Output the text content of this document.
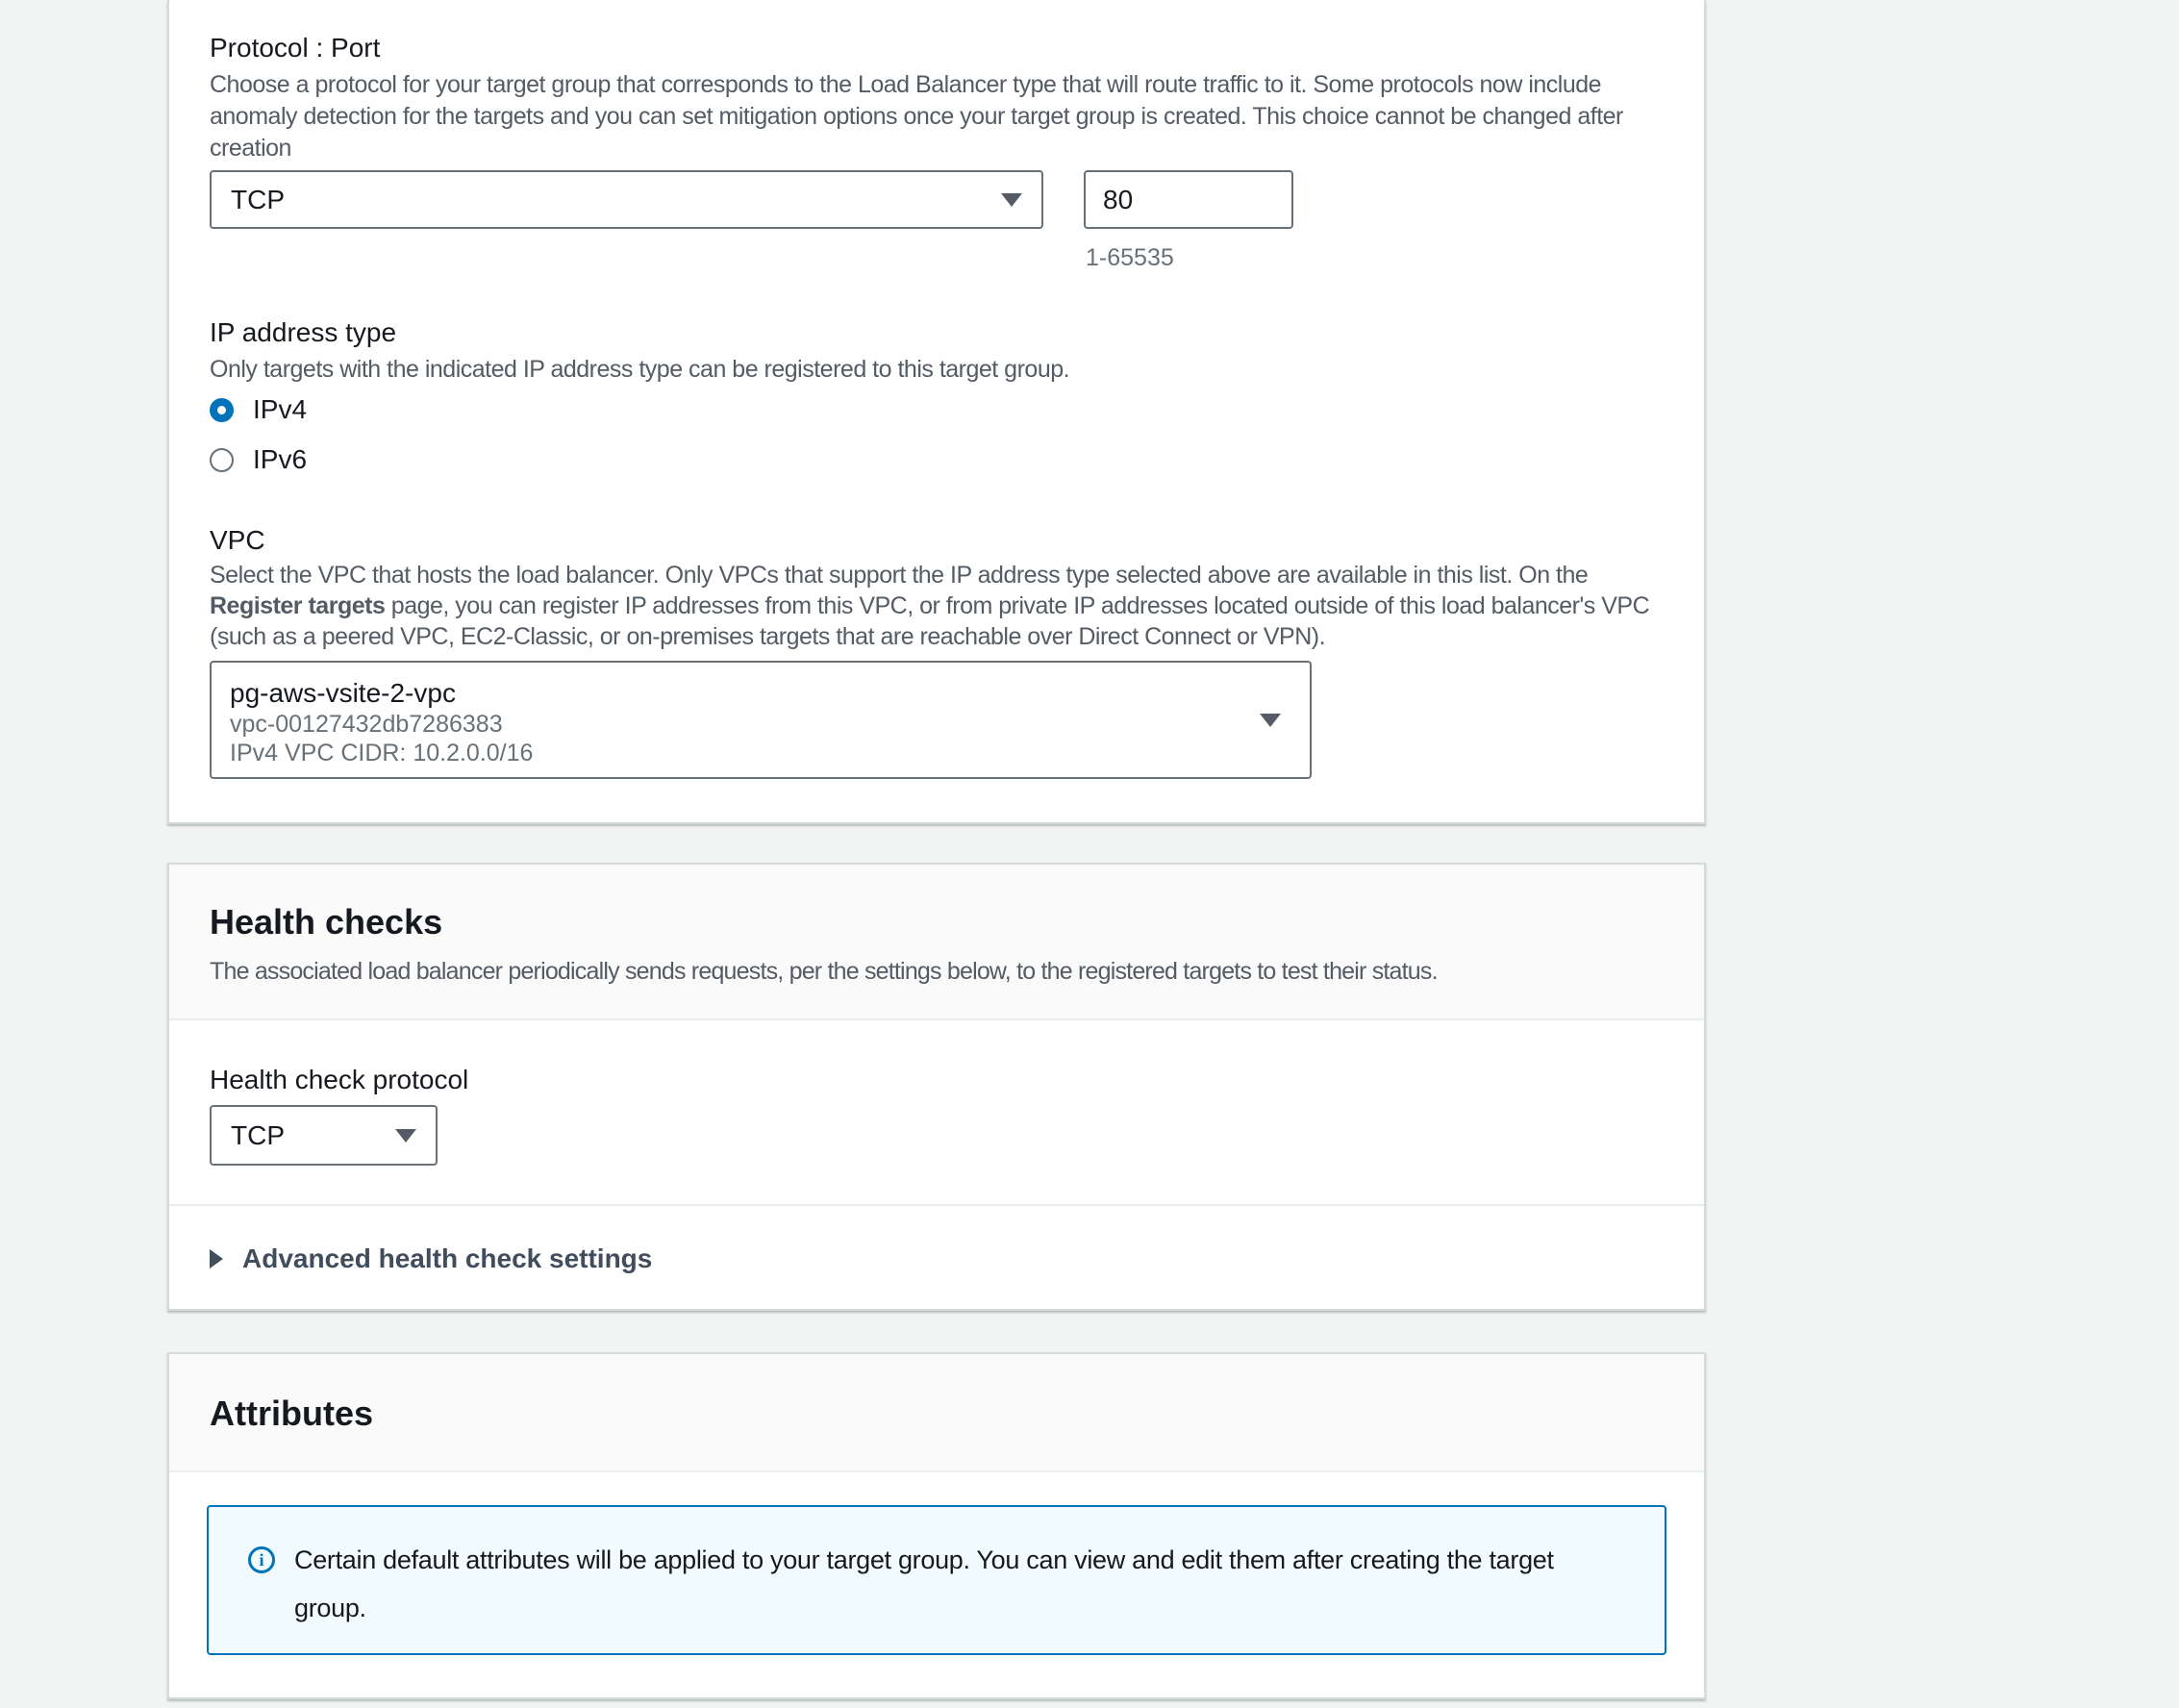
Protocol : Port
Choose a protocol for your target group that corresponds to the Load Balancer type that will route traffic to it. Some protocols now include anomaly detection for the targets and you can set mitigation options once your target group is created. This choice cannot be changed after creation
TCP
80
1-65535
IP address type
Only targets with the indicated IP address type can be registered to this target group.
IPv4
IPv6
VPC
Select the VPC that hosts the load balancer. Only VPCs that support the IP address type selected above are available in this list. On the Register targets page, you can register IP addresses from this VPC, or from private IP addresses located outside of this load balancer's VPC (such as a peered VPC, EC2-Classic, or on-premises targets that are reachable over Direct Connect or VPN).
pg-aws-vsite-2-vpc
vpc-00127432db7286383
IPv4 VPC CIDR: 10.2.0.0/16
Health checks
The associated load balancer periodically sends requests, per the settings below, to the registered targets to test their status.
Health check protocol
TCP
Advanced health check settings
Attributes
i	Certain default attributes will be applied to your target group. You can view and edit them after creating the target group.
